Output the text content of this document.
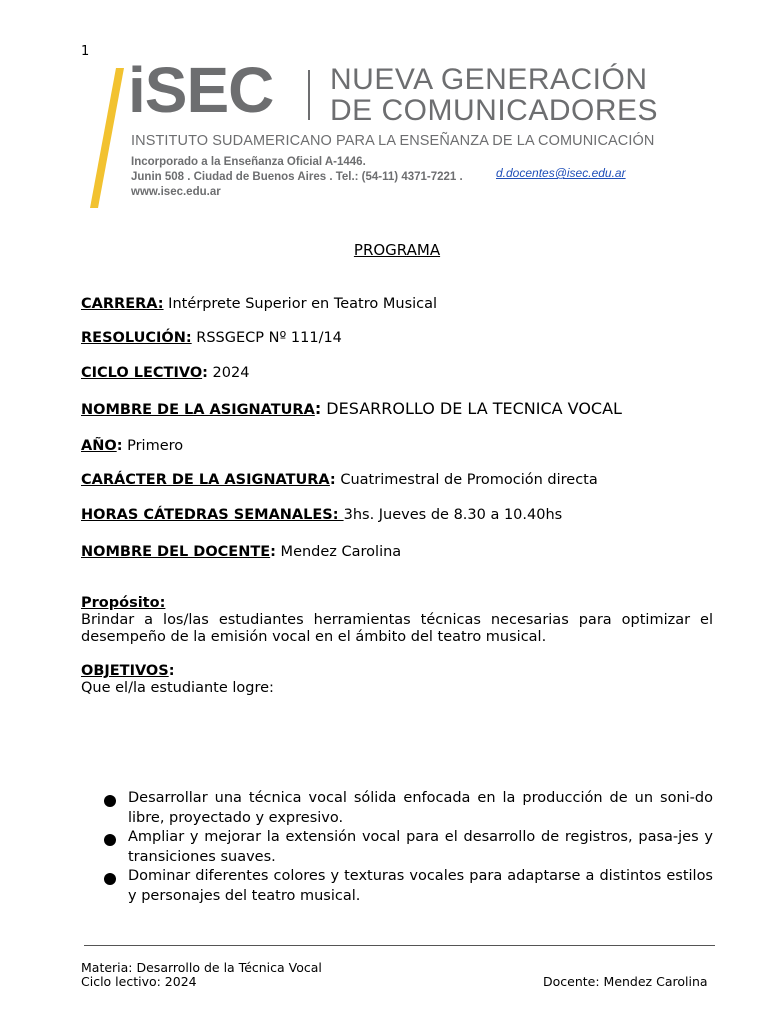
1
iSEC NUEVA GENERACIÓN
DE COMUNICADORES
INSTITUTO SUDAMERICANO PARA LA ENSEÑANZA DE LA COMUNICACIÓN
Incorporado a la Enseñanza Oficial A-1446.
Junin 508 . Ciudad de Buenos Aires . Tel.: (54-11) 4371-7221 .
www.isec.edu.ar
d.docentes@isec.edu.ar
PROGRAMA
CARRERA: Intérprete Superior en Teatro Musical
RESOLUCIÓN: RSSGECP Nº 111/14
CICLO LECTIVO: 2024
NOMBRE DE LA ASIGNATURA: DESARROLLO DE LA TECNICA VOCAL
AÑO: Primero
CARÁCTER DE LA ASIGNATURA: Cuatrimestral de Promoción directa
HORAS CÁTEDRAS SEMANALES: 3hs. Jueves de 8.30 a 10.40hs
NOMBRE DEL DOCENTE: Mendez Carolina
Propósito:
Brindar a los/las estudiantes herramientas técnicas necesarias para optimizar el desempeño de la emisión vocal en el ámbito del teatro musical.
OBJETIVOS:
Que el/la estudiante logre:
Desarrollar una técnica vocal sólida enfocada en la producción de un soni-do libre, proyectado y expresivo.
Ampliar y mejorar la extensión vocal para el desarrollo de registros, pasa-jes y transiciones suaves.
Dominar diferentes colores y texturas vocales para adaptarse a distintos estilos y personajes del teatro musical.
Materia: Desarrollo de la Técnica Vocal
Ciclo lectivo: 2024	Docente: Mendez Carolina
